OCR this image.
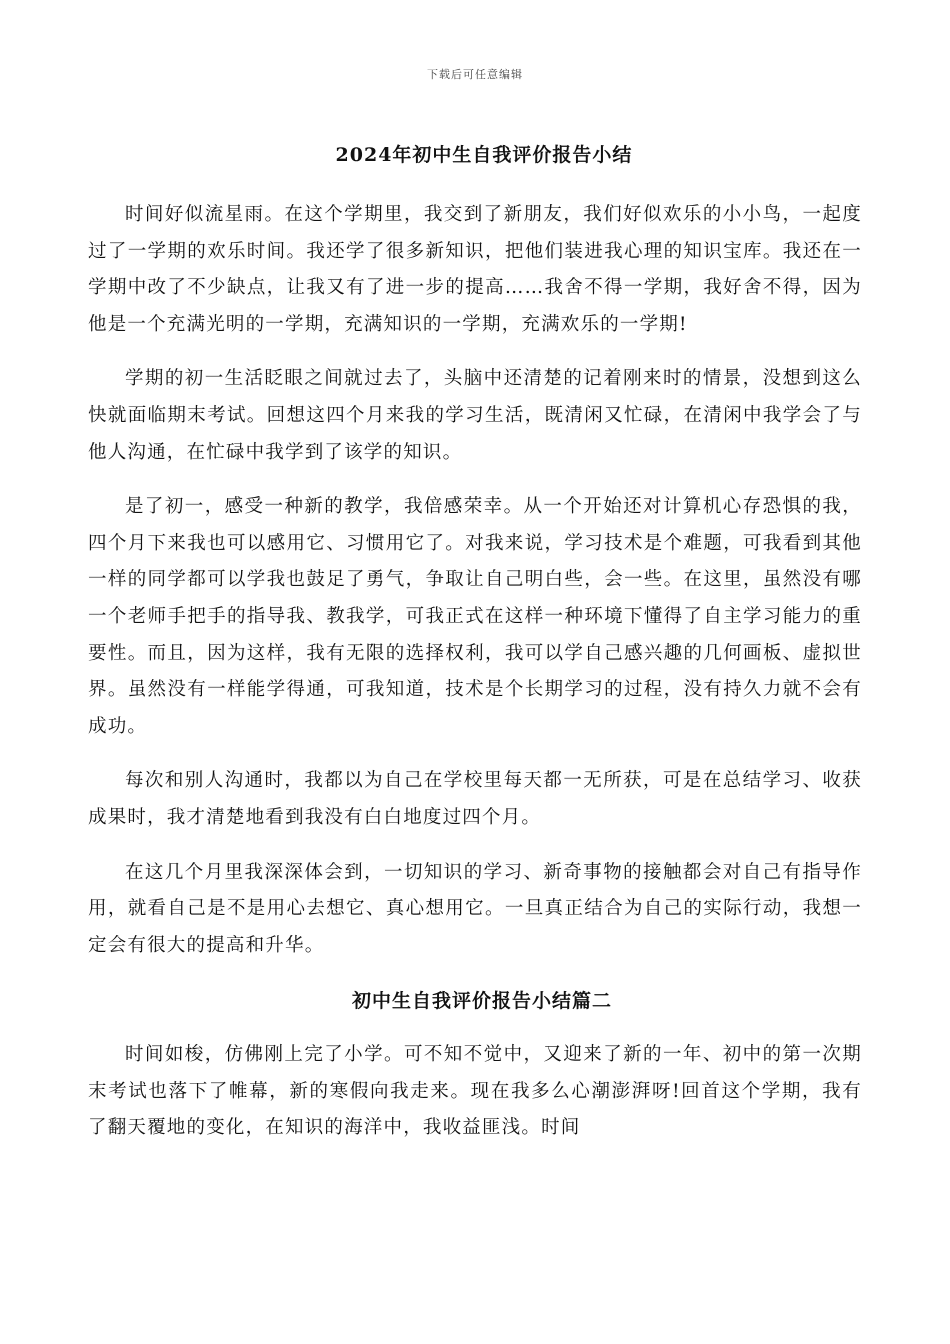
下载后可任意编辑
2024年初中生自我评价报告小结

时间好似流星雨。在这个学期里，我交到了新朋友，我们好似欢乐的小小鸟，一起度过了一学期的欢乐时间。我还学了很多新知识，把他们装进我心理的知识宝库。我还在一学期中改了不少缺点，让我又有了进一步的提高……我舍不得一学期，我好舍不得，因为他是一个充满光明的一学期，充满知识的一学期，充满欢乐的一学期!

学期的初一生活眨眼之间就过去了，头脑中还清楚的记着刚来时的情景，没想到这么快就面临期末考试。回想这四个月来我的学习生活，既清闲又忙碌，在清闲中我学会了与他人沟通，在忙碌中我学到了该学的知识。

是了初一，感受一种新的教学，我倍感荣幸。从一个开始还对计算机心存恐惧的我，四个月下来我也可以感用它、习惯用它了。对我来说，学习技术是个难题，可我看到其他一样的同学都可以学我也鼓足了勇气，争取让自己明白些，会一些。在这里，虽然没有哪一个老师手把手的指导我、教我学，可我正式在这样一种环境下懂得了自主学习能力的重要性。而且，因为这样，我有无限的选择权利，我可以学自己感兴趣的几何画板、虚拟世界。虽然没有一样能学得通，可我知道，技术是个长期学习的过程，没有持久力就不会有成功。

每次和别人沟通时，我都以为自己在学校里每天都一无所获，可是在总结学习、收获成果时，我才清楚地看到我没有白白地度过四个月。

在这几个月里我深深体会到，一切知识的学习、新奇事物的接触都会对自己有指导作用，就看自己是不是用心去想它、真心想用它。一旦真正结合为自己的实际行动，我想一定会有很大的提高和升华。

初中生自我评价报告小结篇二

时间如梭，仿佛刚上完了小学。可不知不觉中，又迎来了新的一年、初中的第一次期末考试也落下了帷幕，新的寒假向我走来。现在我多么心潮澎湃呀!回首这个学期，我有了翻天覆地的变化，在知识的海洋中，我收益匪浅。时间
